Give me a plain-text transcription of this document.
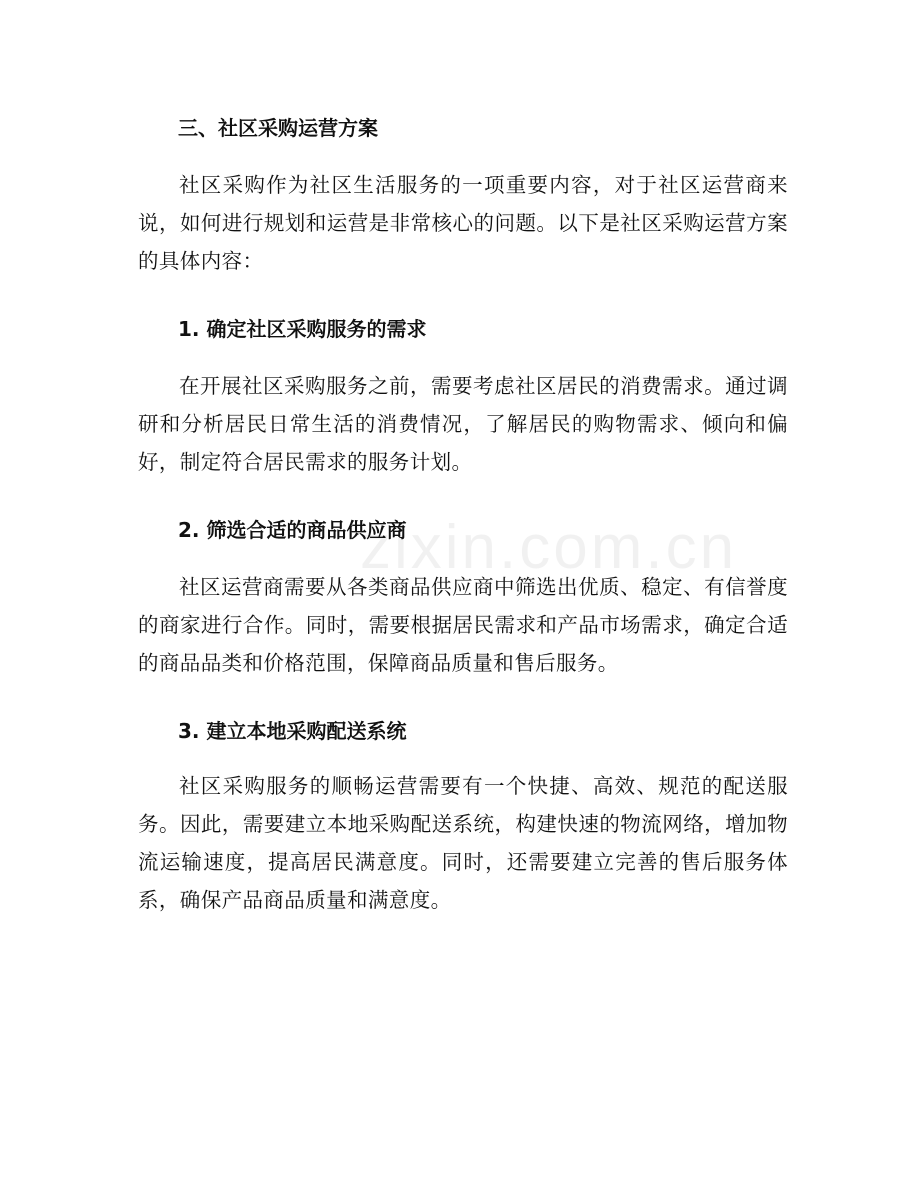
zixin.com.cn
三、社区采购运营方案
社区采购作为社区生活服务的一项重要内容，对于社区运营商来说，如何进行规划和运营是非常核心的问题。以下是社区采购运营方案的具体内容：
1. 确定社区采购服务的需求
在开展社区采购服务之前，需要考虑社区居民的消费需求。通过调研和分析居民日常生活的消费情况，了解居民的购物需求、倾向和偏好，制定符合居民需求的服务计划。
2. 筛选合适的商品供应商
社区运营商需要从各类商品供应商中筛选出优质、稳定、有信誉度的商家进行合作。同时，需要根据居民需求和产品市场需求，确定合适的商品品类和价格范围，保障商品质量和售后服务。
3. 建立本地采购配送系统
社区采购服务的顺畅运营需要有一个快捷、高效、规范的配送服务。因此，需要建立本地采购配送系统，构建快速的物流网络，增加物流运输速度，提高居民满意度。同时，还需要建立完善的售后服务体系，确保产品商品质量和满意度。
